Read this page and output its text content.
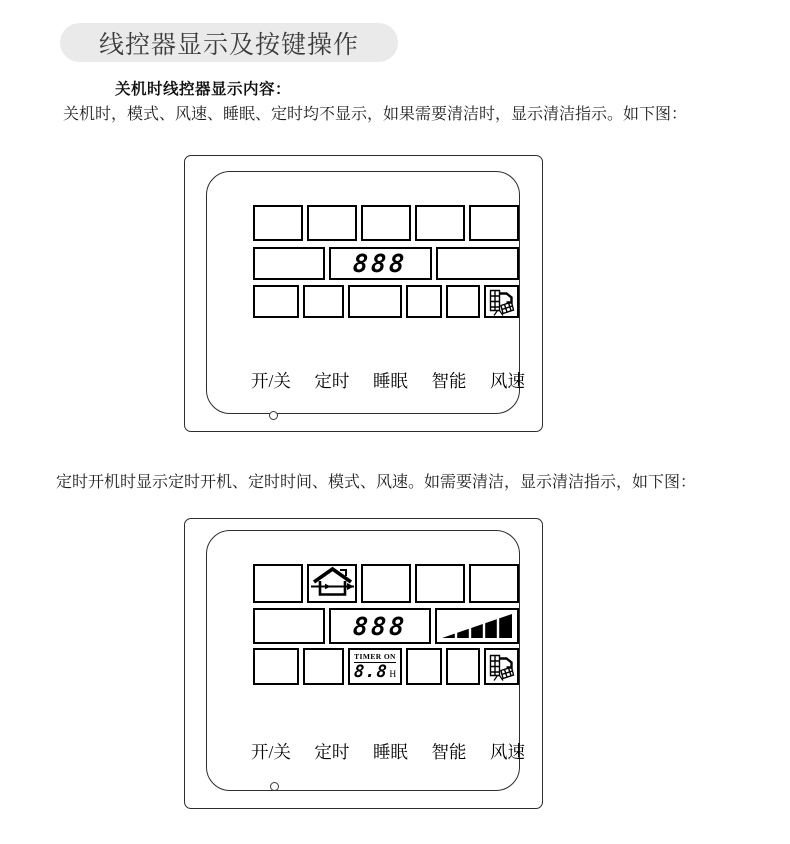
线控器显示及按键操作
关机时线控器显示内容：
关机时，模式、风速、睡眠、定时均不显示，如果需要清洁时，显示清洁指示。如下图：
888
开/关 定时 睡眠 智能 风速
定时开机时显示定时开机、定时时间、模式、风速。如需要清洁，显示清洁指示，如下图：
888
TIMER ON
8.8 H
开/关 定时 睡眠 智能 风速
